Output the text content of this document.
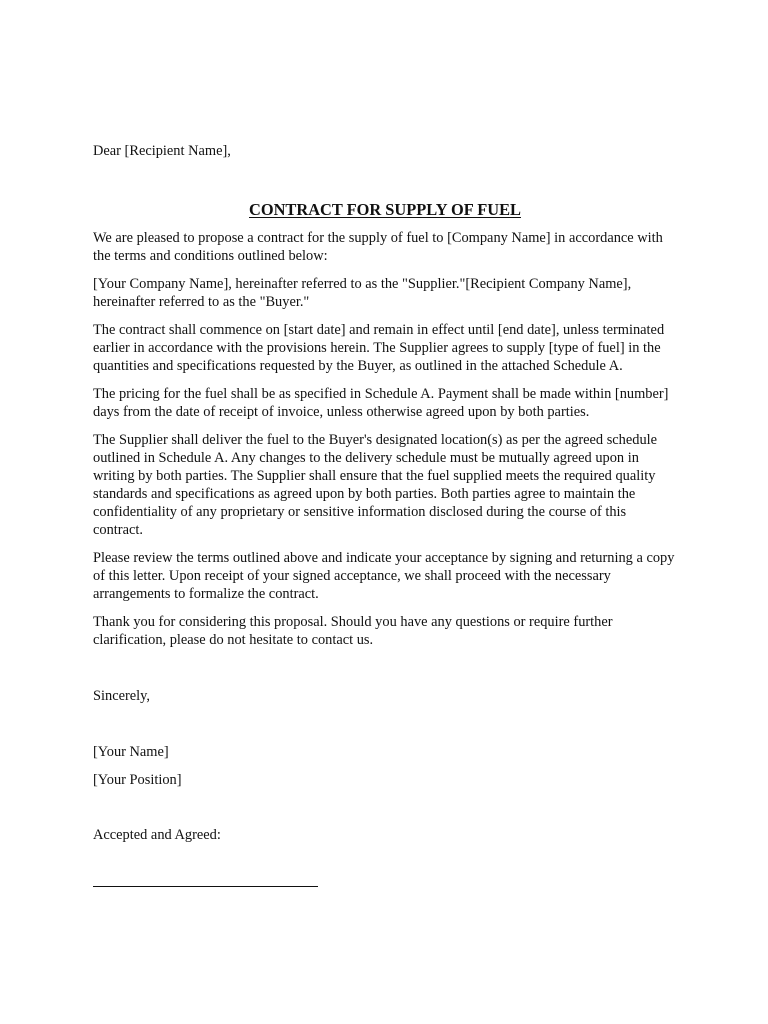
Dear [Recipient Name],

CONTRACT FOR SUPPLY OF FUEL

We are pleased to propose a contract for the supply of fuel to [Company Name] in accordance with the terms and conditions outlined below:

[Your Company Name], hereinafter referred to as the "Supplier."[Recipient Company Name], hereinafter referred to as the "Buyer."

The contract shall commence on [start date] and remain in effect until [end date], unless terminated earlier in accordance with the provisions herein. The Supplier agrees to supply [type of fuel] in the quantities and specifications requested by the Buyer, as outlined in the attached Schedule A.

The pricing for the fuel shall be as specified in Schedule A. Payment shall be made within [number] days from the date of receipt of invoice, unless otherwise agreed upon by both parties.

The Supplier shall deliver the fuel to the Buyer's designated location(s) as per the agreed schedule outlined in Schedule A. Any changes to the delivery schedule must be mutually agreed upon in writing by both parties. The Supplier shall ensure that the fuel supplied meets the required quality standards and specifications as agreed upon by both parties. Both parties agree to maintain the confidentiality of any proprietary or sensitive information disclosed during the course of this contract.

Please review the terms outlined above and indicate your acceptance by signing and returning a copy of this letter. Upon receipt of your signed acceptance, we shall proceed with the necessary arrangements to formalize the contract.

Thank you for considering this proposal. Should you have any questions or require further clarification, please do not hesitate to contact us.

Sincerely,

[Your Name]

[Your Position]

Accepted and Agreed:
